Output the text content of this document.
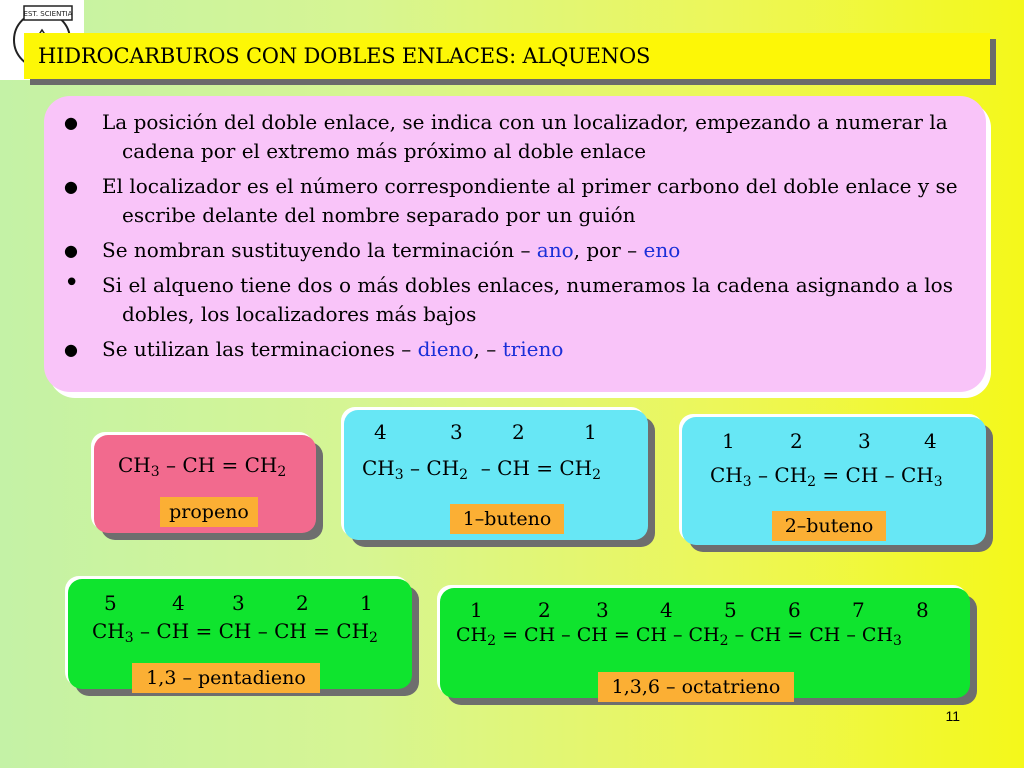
EST. SCIENTIA
HIDROCARBUROS CON DOBLES ENLACES: ALQUENOS
● La posición del doble enlace, se indica con un localizador, empezando a numerar la
cadena por el extremo más próximo al doble enlace
● El localizador es el número correspondiente al primer carbono del doble enlace y se
escribe delante del nombre separado por un guión
● Se nombran sustituyendo la terminación – ano, por – eno
• Si el alqueno tiene dos o más dobles enlaces, numeramos la cadena asignando a los
dobles, los localizadores más bajos
● Se utilizan las terminaciones – dieno, – trieno
$CH_3$ – CH = $CH_2$
propeno
4	3 2	1
$CH_3 - CH_2$  – CH = $CH_2$
1–buteno
1	2	3	4
$CH_3 - CH_2$ = CH – $CH_3$
2–buteno
5	4 3	2	1
$CH_3$ – CH = CH – CH = $CH_2$
1,3 – pentadieno
1	2 3	4	5	6	7	8
$CH_2$ = CH – CH = CH – $CH_2$ – CH = CH – $CH_3$
1,3,6 – octatrieno
11
